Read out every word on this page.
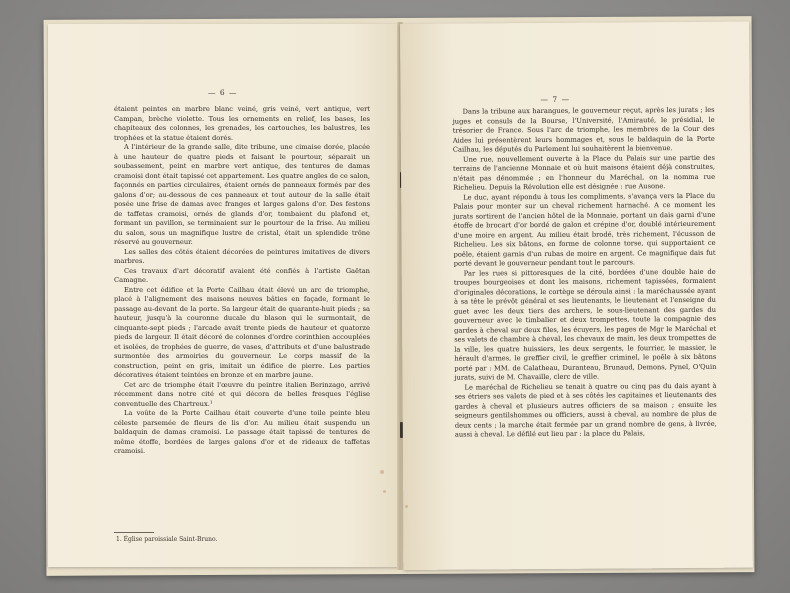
— 6 —

étaient peintes en marbre blanc veiné, gris veiné, vert antique, vert Campan, brèche violette. Tous les ornements en relief, les bases, les chapiteaux des colonnes, les grenades, les cartouches, les balustres, les trophées et la statue étaient dorés.

A l'intérieur de la grande salle, dite tribune, une cimaise dorée, placée à une hauteur de quatre pieds et faisant le pourtour, séparait un soubassement, peint en marbre vert antique, des tentures de damas cramoisi dont était tapissé cet appartement. Les quatre angles de ce salon, façonnés en parties circulaires, étaient ornés de panneaux formés par des galons d'or; au-dessous de ces panneaux et tout autour de la salle était posée une frise de damas avec franges et larges galons d'or. Des festons de taffetas cramoisi, ornés de glands d'or, tombaient du plafond et, formant un pavillon, se terminaient sur le pourtour de la frise. Au milieu du salon, sous un magnifique lustre de cristal, était un splendide trône réservé au gouverneur.

Les salles des côtés étaient décorées de peintures imitatives de divers marbres.

Ces travaux d'art décoratif avaient été confiés à l'artiste Gaëtan Camagne.

Entre cet édifice et la Porte Cailhau était élevé un arc de triomphe, placé à l'alignement des maisons neuves bâties en façade, formant le passage au-devant de la porte. Sa largeur était de quarante-huit pieds ; sa hauteur, jusqu'à la couronne ducale du blason qui le surmontait, de cinquante-sept pieds ; l'arcade avait trente pieds de hauteur et quatorze pieds de largeur. Il était décoré de colonnes d'ordre corinthien accouplées et isolées, de trophées de guerre, de vases, d'attributs et d'une balustrade surmontée des armoiries du gouverneur. Le corps massif de la construction, peint en gris, imitait un édifice de pierre. Les parties décoratives étaient teintées en bronze et en marbre jaune.

Cet arc de triomphe était l'œuvre du peintre italien Berinzago, arrivé récemment dans notre cité et qui décora de belles fresques l'église conventuelle des Chartreux.¹

La voûte de la Porte Cailhau était couverte d'une toile peinte bleu céleste parsemée de fleurs de lis d'or. Au milieu était suspendu un baldaquin de damas cramoisi. Le passage était tapissé de tentures de même étoffe, bordées de larges galons d'or et de rideaux de taffetas cramoisi.

1. Église paroissiale Saint-Bruno.
— 7 —

Dans la tribune aux harangues, le gouverneur reçut, après les jurats ; les juges et consuls de la Bourse, l'Université, l'Amirauté, le présidial, le trésorier de France. Sous l'arc de triomphe, les membres de la Cour des Aides lui présentèrent leurs hommages et, sous le baldaquin de la Porte Cailhau, les députés du Parlement lui souhaitèrent la bienvenue.

Une rue, nouvellement ouverte à la Place du Palais sur une partie des terrains de l'ancienne Monnaie et où huit maisons étaient déjà construites, n'était pas dénommée ; en l'honneur du Maréchal, on la nomma rue Richelieu. Depuis la Révolution elle est désignée : rue Ausone.

Le duc, ayant répondu à tous les compliments, s'avança vers la Place du Palais pour monter sur un cheval richement harnaché. A ce moment les jurats sortirent de l'ancien hôtel de la Monnaie, portant un dais garni d'une étoffe de brocart d'or bordé de galon et crépine d'or, doublé intérieurement d'une moire en argent. Au milieu était brodé, très richement, l'écusson de Richelieu. Les six bâtons, en forme de colonne torse, qui supportaient ce poêle, étaient garnis d'un rubas de moire en argent. Ce magnifique dais fut porté devant le gouverneur pendant tout le parcours.

Par les rues si pittoresques de la cité, bordées d'une double haie de troupes bourgeoises et dont les maisons, richement tapissées, formaient d'originales décorations, le cortège se déroula ainsi : la maréchaussée ayant à sa tête le prévôt général et ses lieutenants, le lieutenant et l'enseigne du guet avec les deux tiers des archers, le sous-lieutenant des gardes du gouverneur avec le timbalier et deux trompettes, toute la compagnie des gardes à cheval sur deux files, les écuyers, les pages de Mgr le Maréchal et ses valets de chambre à cheval, les chevaux de main, les deux trompettes de la ville, les quatre huissiers, les deux sergents, le fourrier, le massier, le hérault d'armes, le greffier civil, le greffier criminel, le poêle à six bâtons porté par : MM. de Calatheau, Duranteau, Brunaud, Demons, Pynel, O'Quin jurats, suivi de M. Chavaille, clerc de ville.

Le maréchal de Richelieu se tenait à quatre ou cinq pas du dais ayant à ses étriers ses valets de pied et à ses côtés les capitaines et lieutenants des gardes à cheval et plusieurs autres officiers de sa maison ; ensuite les seigneurs gentilshommes ou officiers, aussi à cheval, au nombre de plus de deux cents ; la marche était fermée par un grand nombre de gens, à livrée, aussi à cheval. Le défilé eut lieu par : la place du Palais,
